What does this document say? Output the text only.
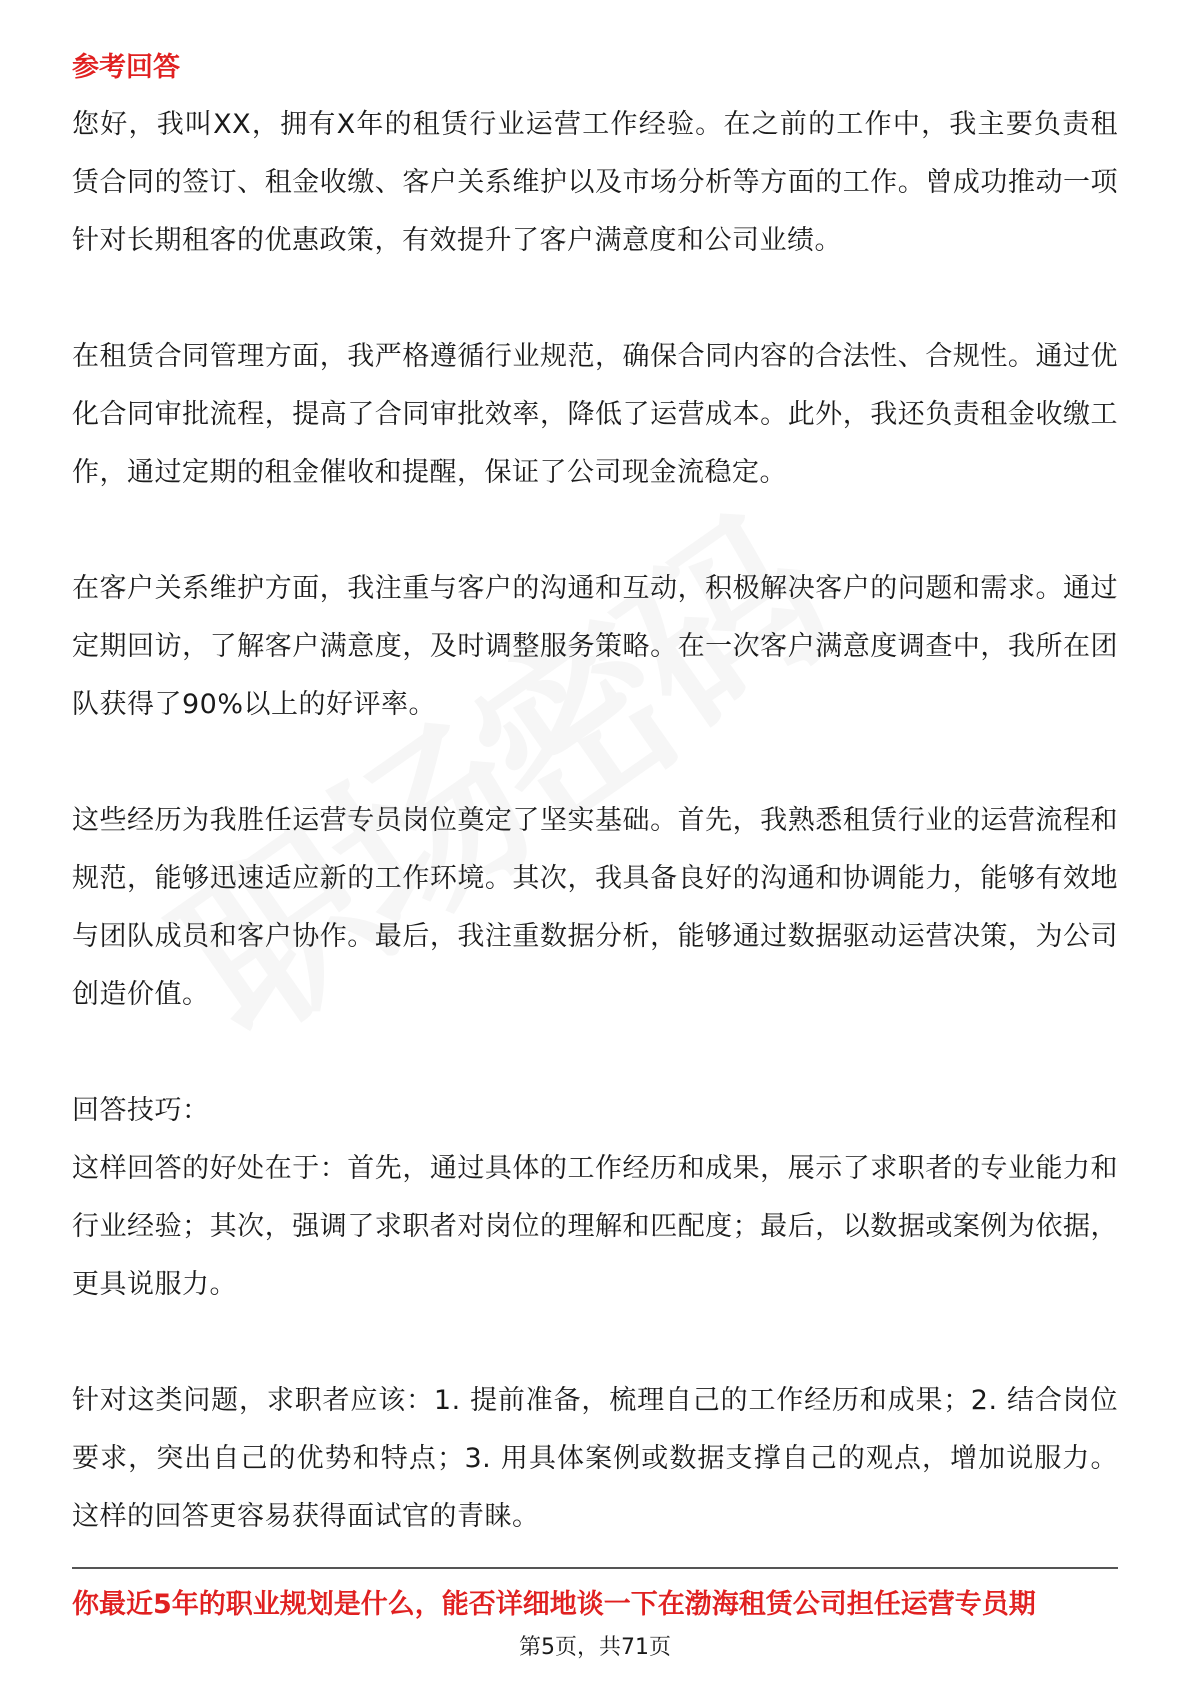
参考回答

您好，我叫XX，拥有X年的租赁行业运营工作经验。在之前的工作中，我主要负责租赁合同的签订、租金收缴、客户关系维护以及市场分析等方面的工作。曾成功推动一项针对长期租客的优惠政策，有效提升了客户满意度和公司业绩。

在租赁合同管理方面，我严格遵循行业规范，确保合同内容的合法性、合规性。通过优化合同审批流程，提高了合同审批效率，降低了运营成本。此外，我还负责租金收缴工作，通过定期的租金催收和提醒，保证了公司现金流稳定。

在客户关系维护方面，我注重与客户的沟通和互动，积极解决客户的问题和需求。通过定期回访，了解客户满意度，及时调整服务策略。在一次客户满意度调查中，我所在团队获得了90%以上的好评率。

这些经历为我胜任运营专员岗位奠定了坚实基础。首先，我熟悉租赁行业的运营流程和规范，能够迅速适应新的工作环境。其次，我具备良好的沟通和协调能力，能够有效地与团队成员和客户协作。最后，我注重数据分析，能够通过数据驱动运营决策，为公司创造价值。

回答技巧：

这样回答的好处在于：首先，通过具体的工作经历和成果，展示了求职者的专业能力和行业经验；其次，强调了求职者对岗位的理解和匹配度；最后，以数据或案例为依据，更具说服力。

针对这类问题，求职者应该：1. 提前准备，梳理自己的工作经历和成果；2. 结合岗位要求，突出自己的优势和特点；3. 用具体案例或数据支撑自己的观点，增加说服力。这样的回答更容易获得面试官的青睐。

你最近5年的职业规划是什么，能否详细地谈一下在渤海租赁公司担任运营专员期
第5页，共71页
